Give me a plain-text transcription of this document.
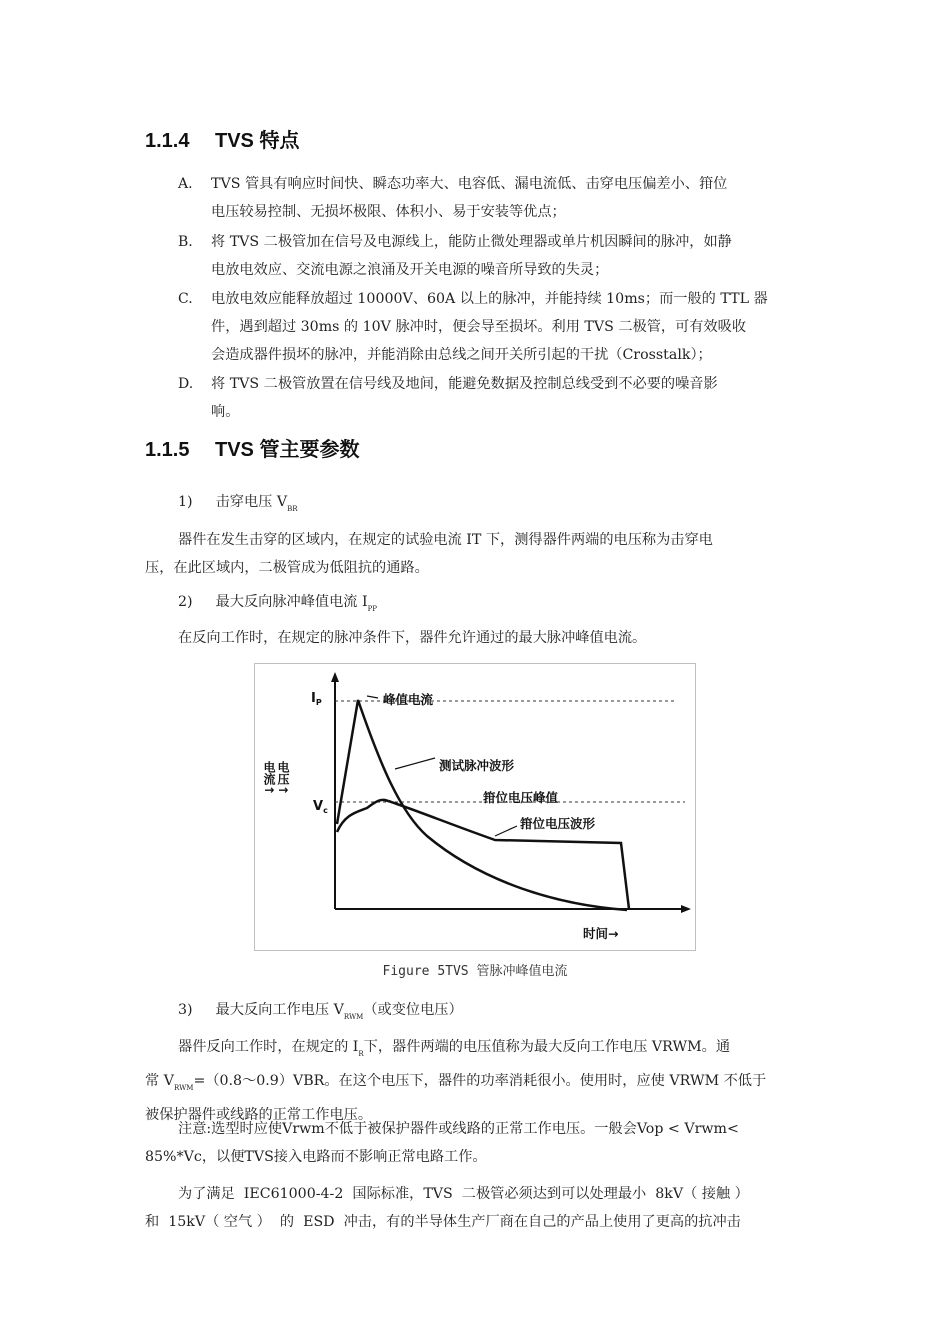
1.1.4 TVS 特点
A. TVS 管具有响应时间快、瞬态功率大、电容低、漏电流低、击穿电压偏差小、箝位
电压较易控制、无损坏极限、体积小、易于安装等优点；
B. 将 TVS 二极管加在信号及电源线上，能防止微处理器或单片机因瞬间的脉冲，如静
电放电效应、交流电源之浪涌及开关电源的噪音所导致的失灵；
C. 电放电效应能释放超过 10000V、60A 以上的脉冲，并能持续 10ms；而一般的 TTL 器
件，遇到超过 30ms 的 10V 脉冲时，便会导至损坏。利用 TVS 二极管，可有效吸收
会造成器件损坏的脉冲，并能消除由总线之间开关所引起的干扰（Crosstalk）；
D. 将 TVS 二极管放置在信号线及地间，能避免数据及控制总线受到不必要的噪音影
响。
1.1.5 TVS 管主要参数
1) 击穿电压 $V_{BR}$
器件在发生击穿的区域内，在规定的试验电流 IT 下，测得器件两端的电压称为击穿电
压，在此区域内，二极管成为低阻抗的通路。
2) 最大反向脉冲峰值电流 $I_{PP}$
在反向工作时，在规定的脉冲条件下，器件允许通过的最大脉冲峰值电流。
$I_P$
$V_c$
电流↑ 电压↑
峰值电流
测试脉冲波形
箝位电压峰值
箝位电压波形
时间→
Figure 5TVS 管脉冲峰值电流
3) 最大反向工作电压 $V_{RWM}$（或变位电压）
器件反向工作时，在规定的 $I_R$下，器件两端的电压值称为最大反向工作电压 VRWM。通
常 $V_{RWM}=(0.8\sim 0.9)VBR$。在这个电压下，器件的功率消耗很小。使用时，应使 VRWM 不低于
被保护器件或线路的正常工作电压。
注意:选型时应使Vrwm不低于被保护器件或线路的正常工作电压。一般会Vop < Vrwm<
85%*Vc，以便TVS接入电路而不影响正常电路工作。
为了满足  IEC61000-4-2  国际标准，TVS  二极管必须达到可以处理最小  8kV（ 接触 ）
和  15kV（ 空气 ）  的  ESD  冲击，有的半导体生产厂商在自己的产品上使用了更高的抗冲击
